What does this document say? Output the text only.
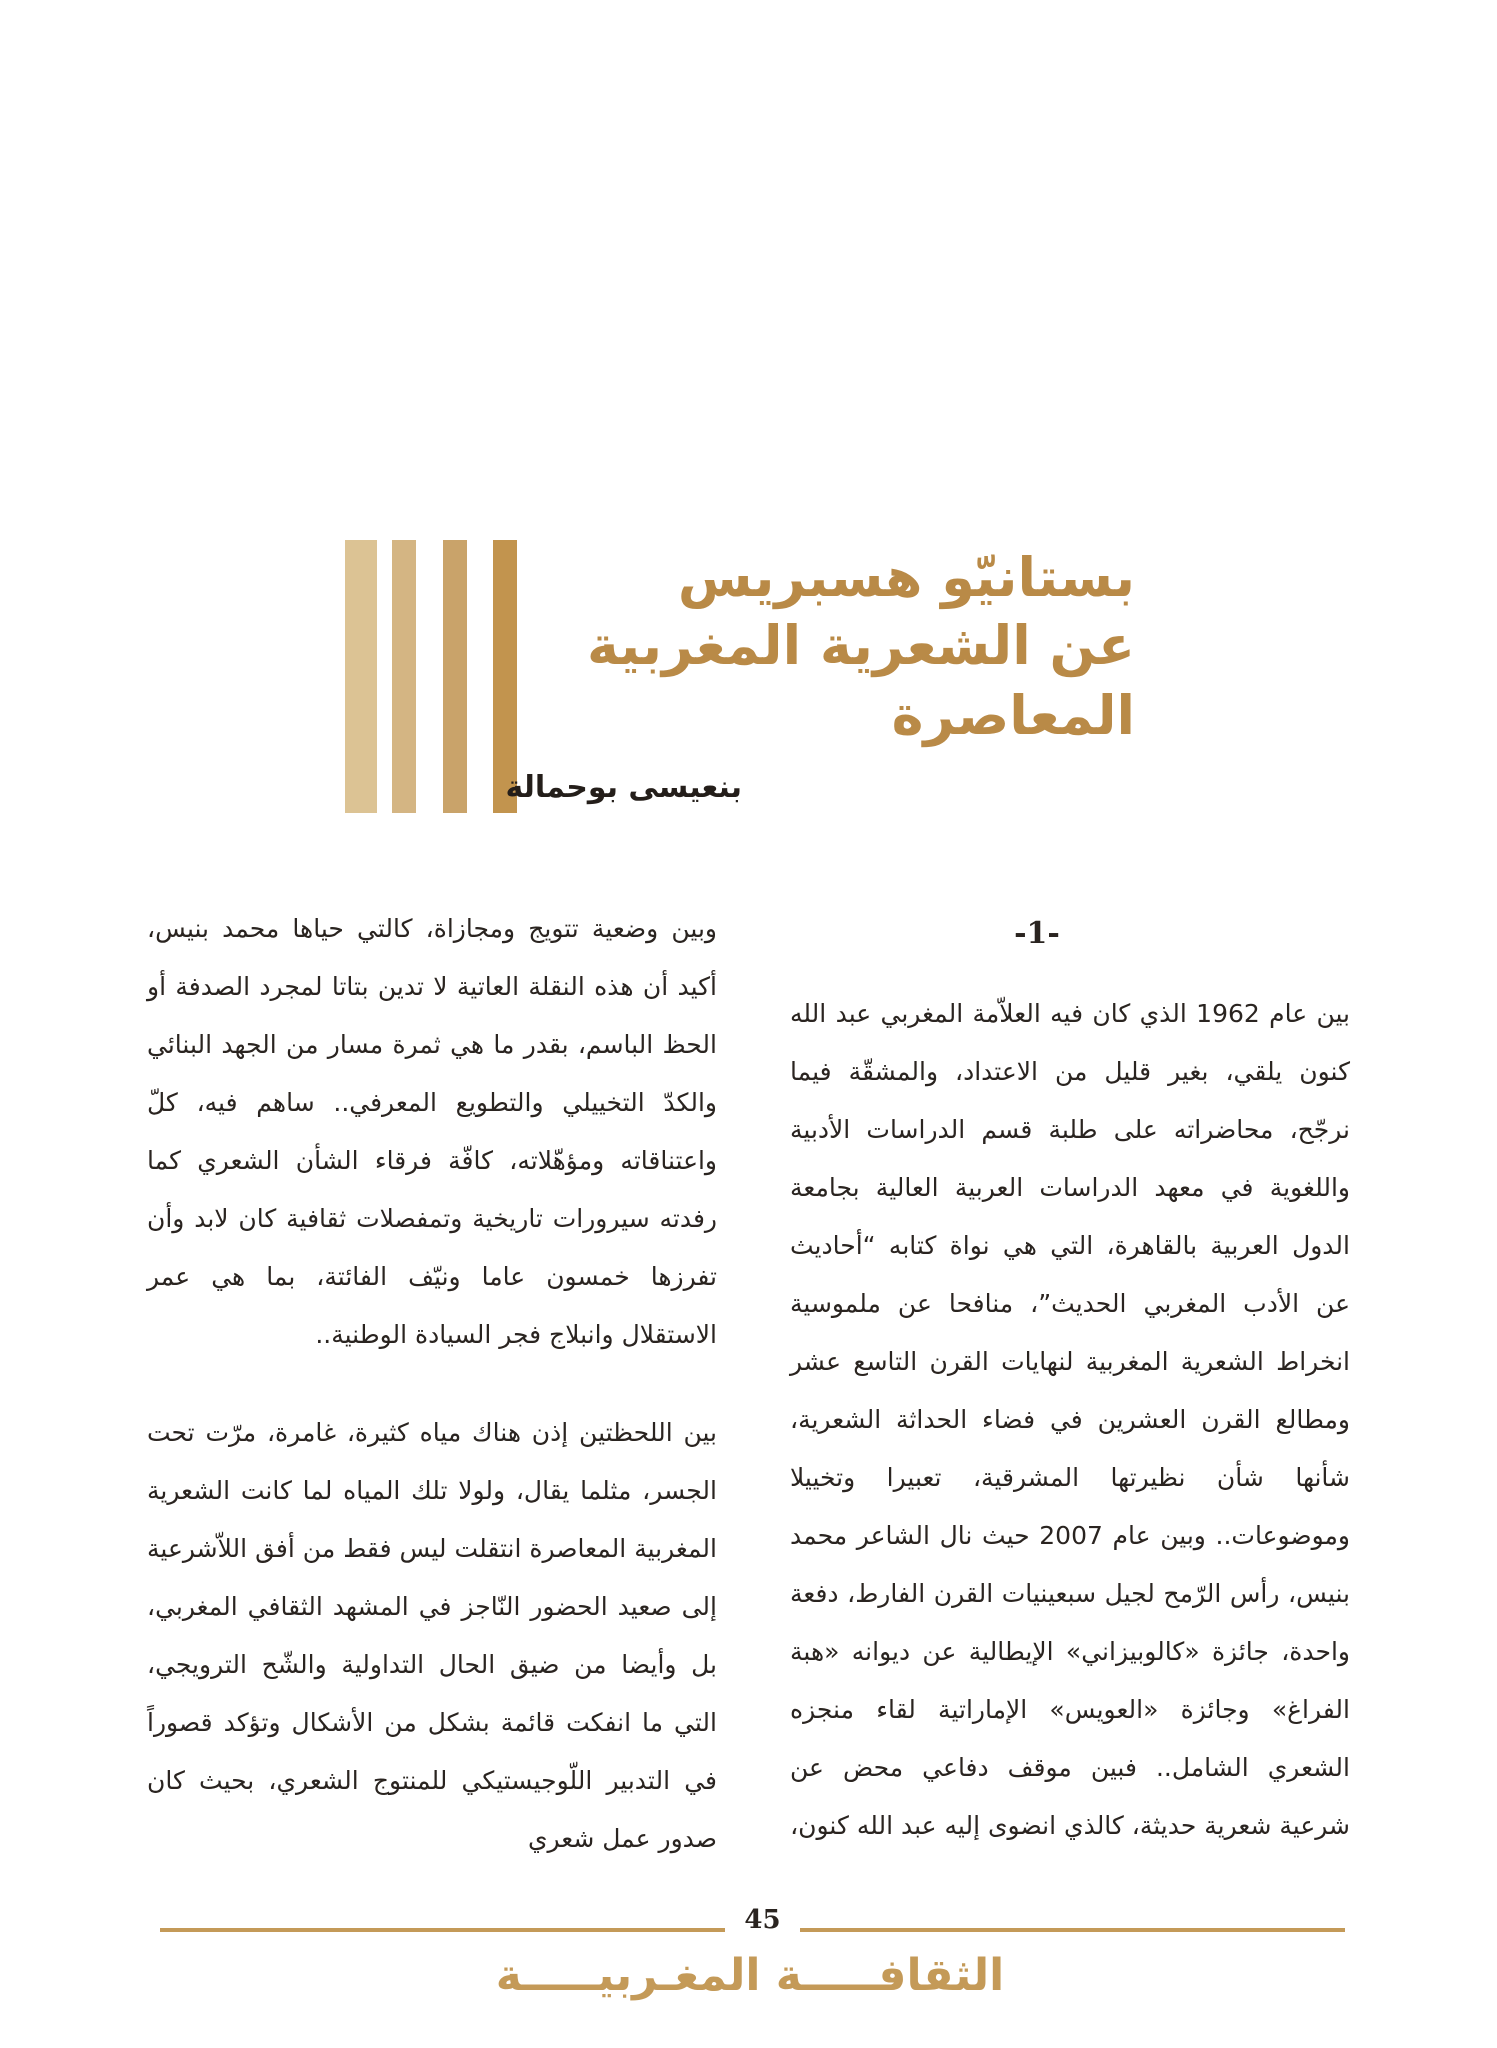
بستانيّو هسبريس
عن الشعرية المغربية المعاصرة
بنعيسى بوحمالة
-1-

بين عام 1962 الذي كان فيه العلاّمة المغربي عبد الله كنون يلقي، بغير قليل من الاعتداد، والمشقّة فيما نرجّح، محاضراته على طلبة قسم الدراسات الأدبية واللغوية في معهد الدراسات العربية العالية بجامعة الدول العربية بالقاهرة، التي هي نواة كتابه “أحاديث عن الأدب المغربي الحديث”، منافحا عن ملموسية انخراط الشعرية المغربية لنهايات القرن التاسع عشر ومطالع القرن العشرين في فضاء الحداثة الشعرية، شأنها شأن نظيرتها المشرقية، تعبيرا وتخييلا وموضوعات.. وبين عام 2007 حيث نال الشاعر محمد بنيس، رأس الرّمح لجيل سبعينيات القرن الفارط، دفعة واحدة، جائزة «كالوبيزاني» الإيطالية عن ديوانه «هبة الفراغ» وجائزة «العويس» الإماراتية لقاء منجزه الشعري الشامل.. فبين موقف دفاعي محض عن شرعية شعرية حديثة، كالذي انضوى إليه عبد الله كنون،

وبين وضعية تتويج ومجازاة، كالتي حياها محمد بنيس، أكيد أن هذه النقلة العاتية لا تدين بتاتا لمجرد الصدفة أو الحظ الباسم، بقدر ما هي ثمرة مسار من الجهد البنائي والكدّ التخييلي والتطويع المعرفي.. ساهم فيه، كلّ واعتناقاته ومؤهّلاته، كافّة فرقاء الشأن الشعري كما رفدته سيرورات تاريخية وتمفصلات ثقافية كان لابد وأن تفرزها خمسون عاما ونيّف الفائتة، بما هي عمر الاستقلال وانبلاج فجر السيادة الوطنية..

بين اللحظتين إذن هناك مياه كثيرة، غامرة، مرّت تحت الجسر، مثلما يقال، ولولا تلك المياه لما كانت الشعرية المغربية المعاصرة انتقلت ليس فقط من أفق اللاّشرعية إلى صعيد الحضور النّاجز في المشهد الثقافي المغربي، بل وأيضا من ضيق الحال التداولية والشّح الترويجي، التي ما انفكت قائمة بشكل من الأشكال وتؤكد قصوراً في التدبير اللّوجيستيكي للمنتوج الشعري، بحيث كان صدور عمل شعري

45
الثقافـــــة المغـربيـــــة
